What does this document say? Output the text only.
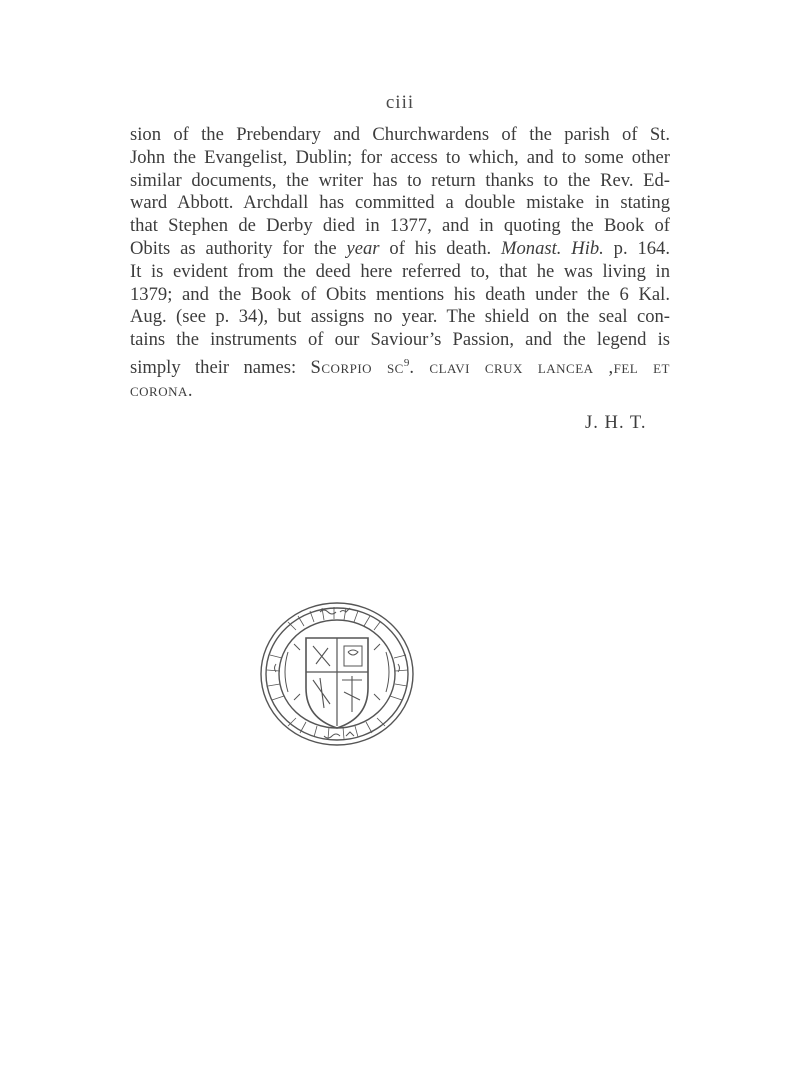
ciii
sion of the Prebendary and Churchwardens of the parish of St.
John the Evangelist, Dublin; for access to which, and to some other
similar documents, the writer has to return thanks to the Rev. Ed-
ward Abbott. Archdall has committed a double mistake in stating
that Stephen de Derby died in 1377, and in quoting the Book of
Obits as authority for the year of his death. Monast. Hib. p. 164.
It is evident from the deed here referred to, that he was living in
1379; and the Book of Obits mentions his death under the 6 Kal.
Aug. (see p. 34), but assigns no year. The shield on the seal con-
tains the instruments of our Saviour’s Passion, and the legend is
simply their names: Scorpio $sc^9$. clavi crux lancea ,fel et
corona.
J. H. T.
